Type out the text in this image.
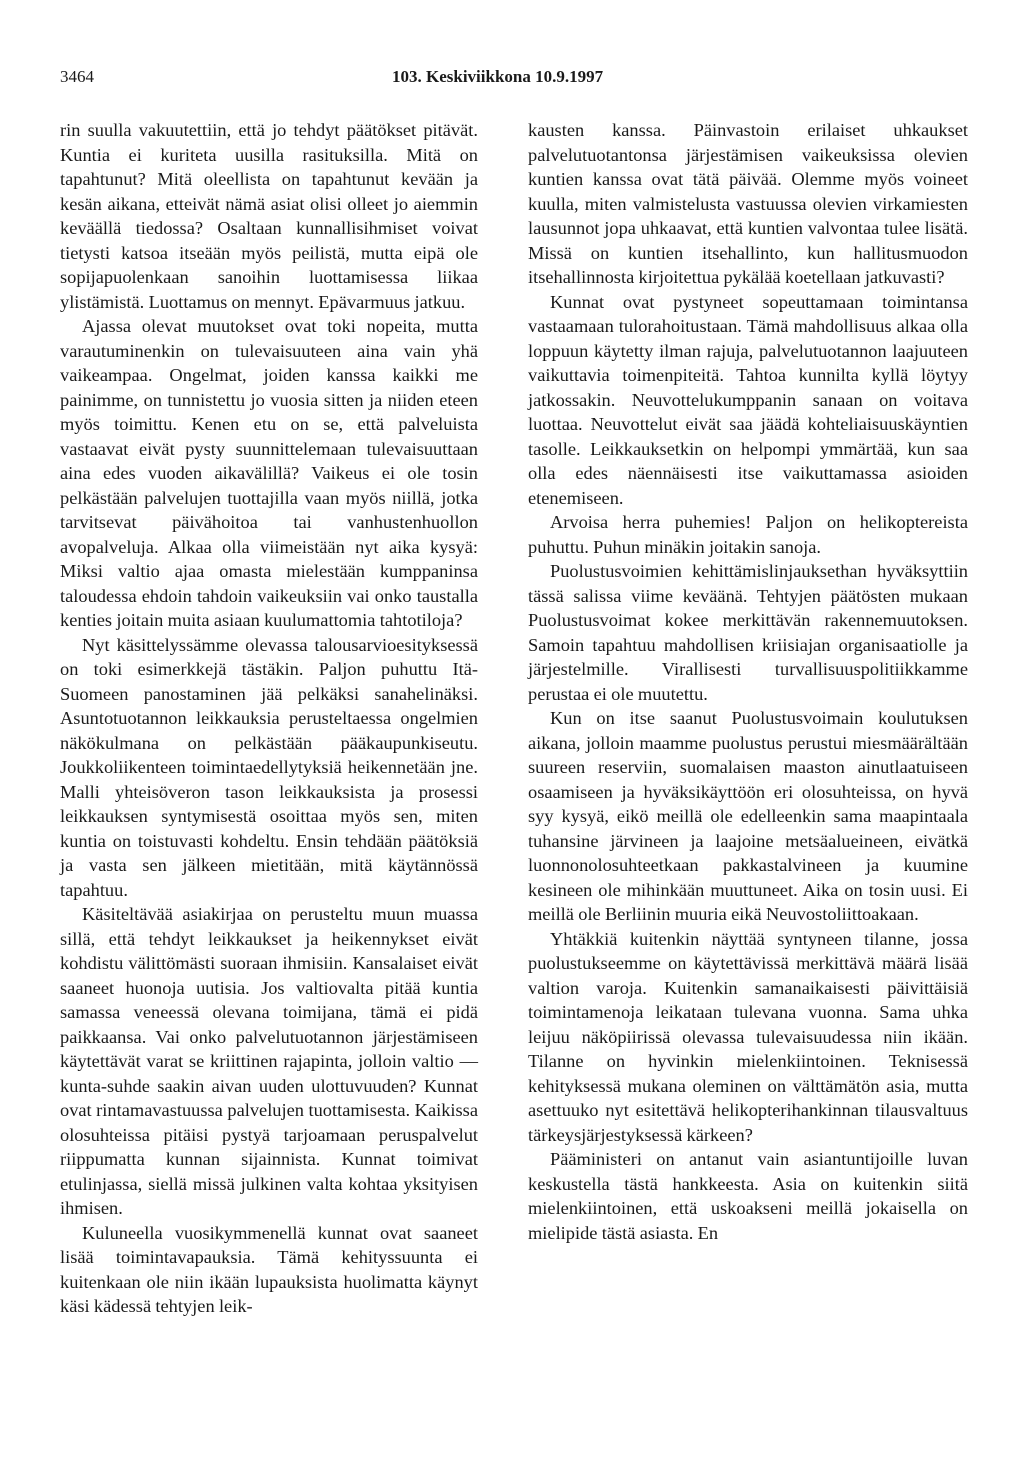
3464	103. Keskiviikkona 10.9.1997

rin suulla vakuutettiin, että jo tehdyt päätökset pitävät. Kuntia ei kuriteta uusilla rasituksilla. Mitä on tapahtunut? Mitä oleellista on tapahtunut kevään ja kesän aikana, etteivät nämä asiat olisi olleet jo aiemmin keväällä tiedossa? Osaltaan kunnallisihmiset voivat tietysti katsoa itseään myös peilistä, mutta eipä ole sopijapuolenkaan sanoihin luottamisessa liikaa ylistämistä. Luottamus on mennyt. Epävarmuus jatkuu.

Ajassa olevat muutokset ovat toki nopeita, mutta varautuminenkin on tulevaisuuteen aina vain yhä vaikeampaa. Ongelmat, joiden kanssa kaikki me painimme, on tunnistettu jo vuosia sitten ja niiden eteen myös toimittu. Kenen etu on se, että palveluista vastaavat eivät pysty suunnittelemaan tulevaisuuttaan aina edes vuoden aikavälillä? Vaikeus ei ole tosin pelkästään palvelujen tuottajilla vaan myös niillä, jotka tarvitsevat päivähoitoa tai vanhustenhuollon avopalveluja. Alkaa olla viimeistään nyt aika kysyä: Miksi valtio ajaa omasta mielestään kumppaninsa taloudessa ehdoin tahdoin vaikeuksiin vai onko taustalla kenties joitain muita asiaan kuulumattomia tahtotiloja?

Nyt käsittelyssämme olevassa talousarvioesityksessä on toki esimerkkejä tästäkin. Paljon puhuttu Itä-Suomeen panostaminen jää pelkäksi sanahelinäksi. Asuntotuotannon leikkauksia perusteltaessa ongelmien näkökulmana on pelkästään pääkaupunkiseutu. Joukkoliikenteen toimintaedellytyksiä heikennetään jne. Malli yhteisöveron tason leikkauksista ja prosessi leikkauksen syntymisestä osoittaa myös sen, miten kuntia on toistuvasti kohdeltu. Ensin tehdään päätöksiä ja vasta sen jälkeen mietitään, mitä käytännössä tapahtuu.

Käsiteltävää asiakirjaa on perusteltu muun muassa sillä, että tehdyt leikkaukset ja heikennykset eivät kohdistu välittömästi suoraan ihmisiin. Kansalaiset eivät saaneet huonoja uutisia. Jos valtiovalta pitää kuntia samassa veneessä olevana toimijana, tämä ei pidä paikkaansa. Vai onko palvelutuotannon järjestämiseen käytettävät varat se kriittinen rajapinta, jolloin valtio — kunta-suhde saakin aivan uuden ulottuvuuden? Kunnat ovat rintamavastuussa palvelujen tuottamisesta. Kaikissa olosuhteissa pitäisi pystyä tarjoamaan peruspalvelut riippumatta kunnan sijainnista. Kunnat toimivat etulinjassa, siellä missä julkinen valta kohtaa yksityisen ihmisen.

Kuluneella vuosikymmenellä kunnat ovat saaneet lisää toimintavapauksia. Tämä kehityssuunta ei kuitenkaan ole niin ikään lupauksista huolimatta käynyt käsi kädessä tehtyjen leik-

kausten kanssa. Päinvastoin erilaiset uhkaukset palvelutuotantonsa järjestämisen vaikeuksissa olevien kuntien kanssa ovat tätä päivää. Olemme myös voineet kuulla, miten valmistelusta vastuussa olevien virkamiesten lausunnot jopa uhkaavat, että kuntien valvontaa tulee lisätä. Missä on kuntien itsehallinto, kun hallitusmuodon itsehallinnosta kirjoitettua pykälää koetellaan jatkuvasti?

Kunnat ovat pystyneet sopeuttamaan toimintansa vastaamaan tulorahoitustaan. Tämä mahdollisuus alkaa olla loppuun käytetty ilman rajuja, palvelutuotannon laajuuteen vaikuttavia toimenpiteitä. Tahtoa kunnilta kyllä löytyy jatkossakin. Neuvottelukumppanin sanaan on voitava luottaa. Neuvottelut eivät saa jäädä kohteliaisuuskäyntien tasolle. Leikkauksetkin on helpompi ymmärtää, kun saa olla edes näennäisesti itse vaikuttamassa asioiden etenemiseen.

Arvoisa herra puhemies! Paljon on helikoptereista puhuttu. Puhun minäkin joitakin sanoja.

Puolustusvoimien kehittämislinjauksethan hyväksyttiin tässä salissa viime keväänä. Tehtyjen päätösten mukaan Puolustusvoimat kokee merkittävän rakennemuutoksen. Samoin tapahtuu mahdollisen kriisiajan organisaatiolle ja järjestelmille. Virallisesti turvallisuuspolitiikkamme perustaa ei ole muutettu.

Kun on itse saanut Puolustusvoimain koulutuksen aikana, jolloin maamme puolustus perustui miesmäärältään suureen reserviin, suomalaisen maaston ainutlaatuiseen osaamiseen ja hyväksikäyttöön eri olosuhteissa, on hyvä syy kysyä, eikö meillä ole edelleenkin sama maapintaala tuhansine järvineen ja laajoine metsäalueineen, eivätkä luonnonolosuhteetkaan pakkastalvineen ja kuumine kesineen ole mihinkään muuttuneet. Aika on tosin uusi. Ei meillä ole Berliinin muuria eikä Neuvostoliittoakaan.

Yhtäkkiä kuitenkin näyttää syntyneen tilanne, jossa puolustukseemme on käytettävissä merkittävä määrä lisää valtion varoja. Kuitenkin samanaikaisesti päivittäisiä toimintamenoja leikataan tulevana vuonna. Sama uhka leijuu näköpiirissä olevassa tulevaisuudessa niin ikään. Tilanne on hyvinkin mielenkiintoinen. Teknisessä kehityksessä mukana oleminen on välttämätön asia, mutta asettuuko nyt esitettävä helikopterihankinnan tilausvaltuus tärkeysjärjestyksessä kärkeen?

Pääministeri on antanut vain asiantuntijoille luvan keskustella tästä hankkeesta. Asia on kuitenkin siitä mielenkiintoinen, että uskoakseni meillä jokaisella on mielipide tästä asiasta. En
